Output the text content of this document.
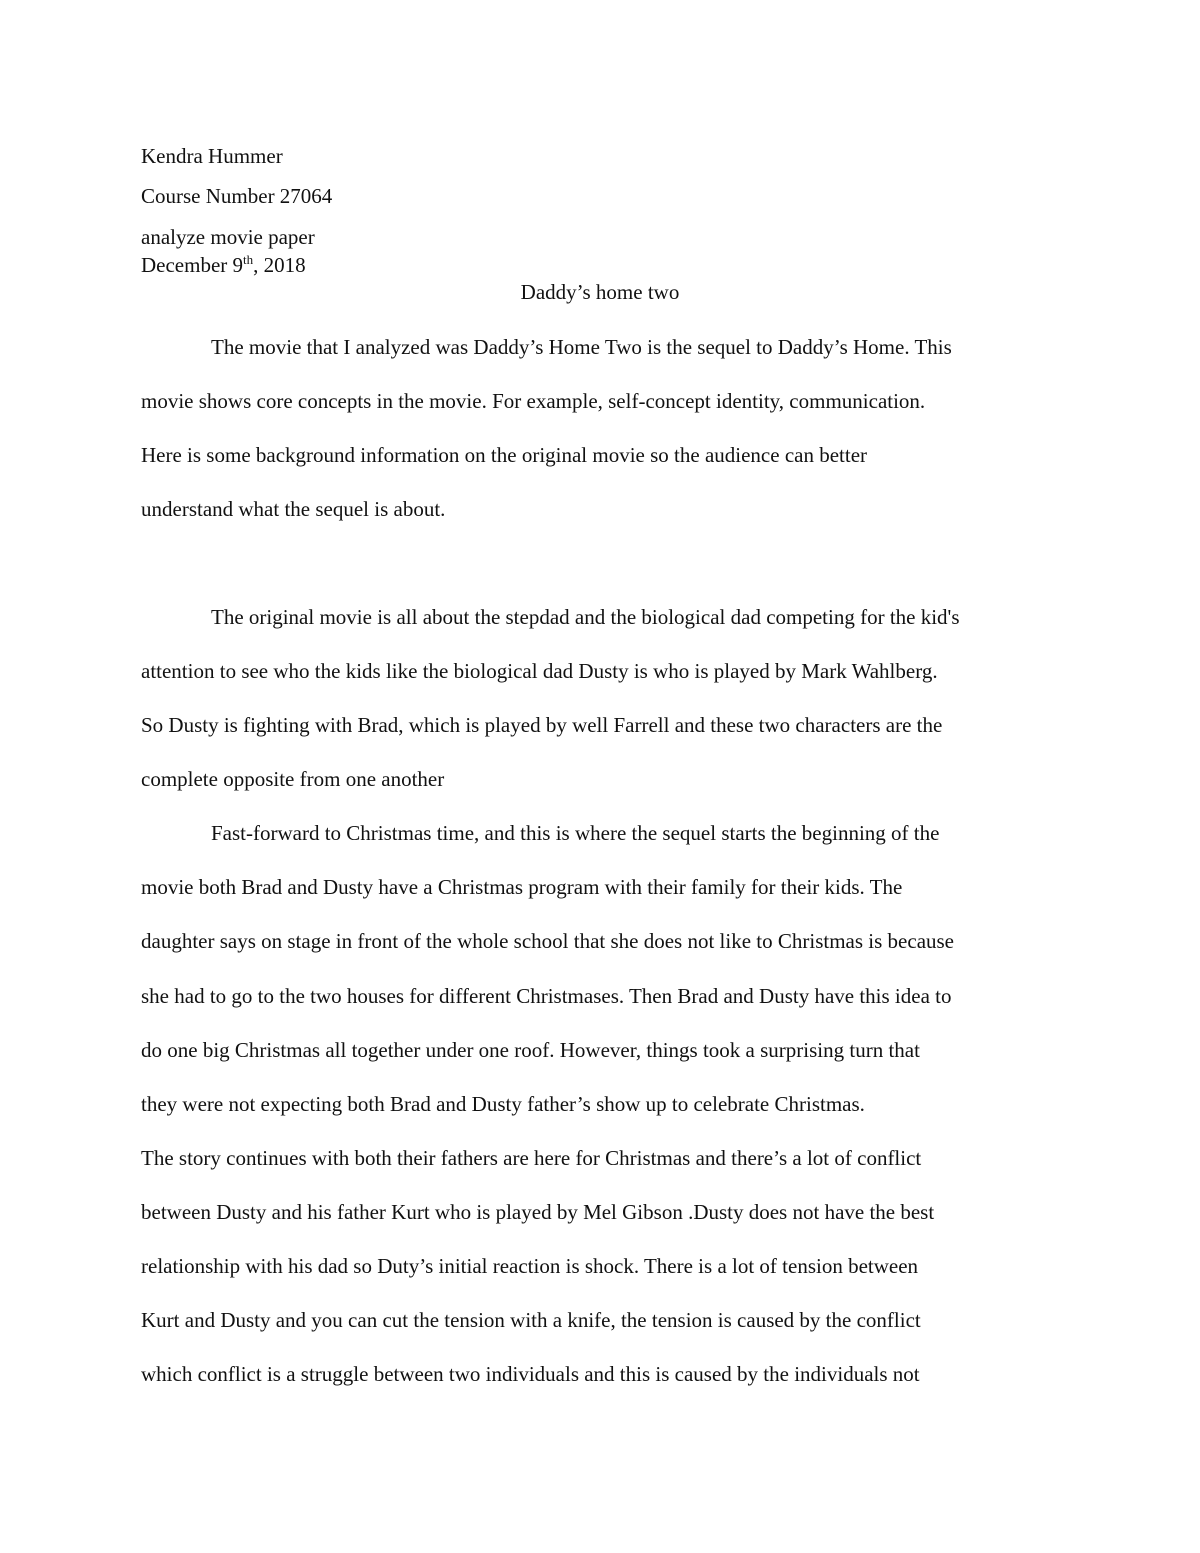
Kendra Hummer
Course Number 27064
analyze movie paper
December 9th, 2018
Daddy’s home two
The movie that I analyzed was Daddy’s Home Two is the sequel to Daddy’s Home. This
movie shows core concepts in the movie. For example, self-concept identity, communication.
Here is some background information on the original movie so the audience can better
understand what the sequel is about.
The original movie is all about the stepdad and the biological dad competing for the kid's
attention to see who the kids like the biological dad Dusty is who is played by Mark Wahlberg.
So Dusty is fighting with Brad, which is played by well Farrell and these two characters are the
complete opposite from one another
Fast-forward to Christmas time, and this is where the sequel starts the beginning of the
movie both Brad and Dusty have a Christmas program with their family for their kids. The
daughter says on stage in front of the whole school that she does not like to Christmas is because
she had to go to the two houses for different Christmases. Then Brad and Dusty have this idea to
do one big Christmas all together under one roof. However, things took a surprising turn that
they were not expecting both Brad and Dusty father’s show up to celebrate Christmas.
The story continues with both their fathers are here for Christmas and there’s a lot of conflict
between Dusty and his father Kurt who is played by Mel Gibson .Dusty does not have the best
relationship with his dad so Duty’s initial reaction is shock. There is a lot of tension between
Kurt and Dusty and you can cut the tension with a knife, the tension is caused by the conflict
which conflict is a struggle between two individuals and this is caused by the individuals not
